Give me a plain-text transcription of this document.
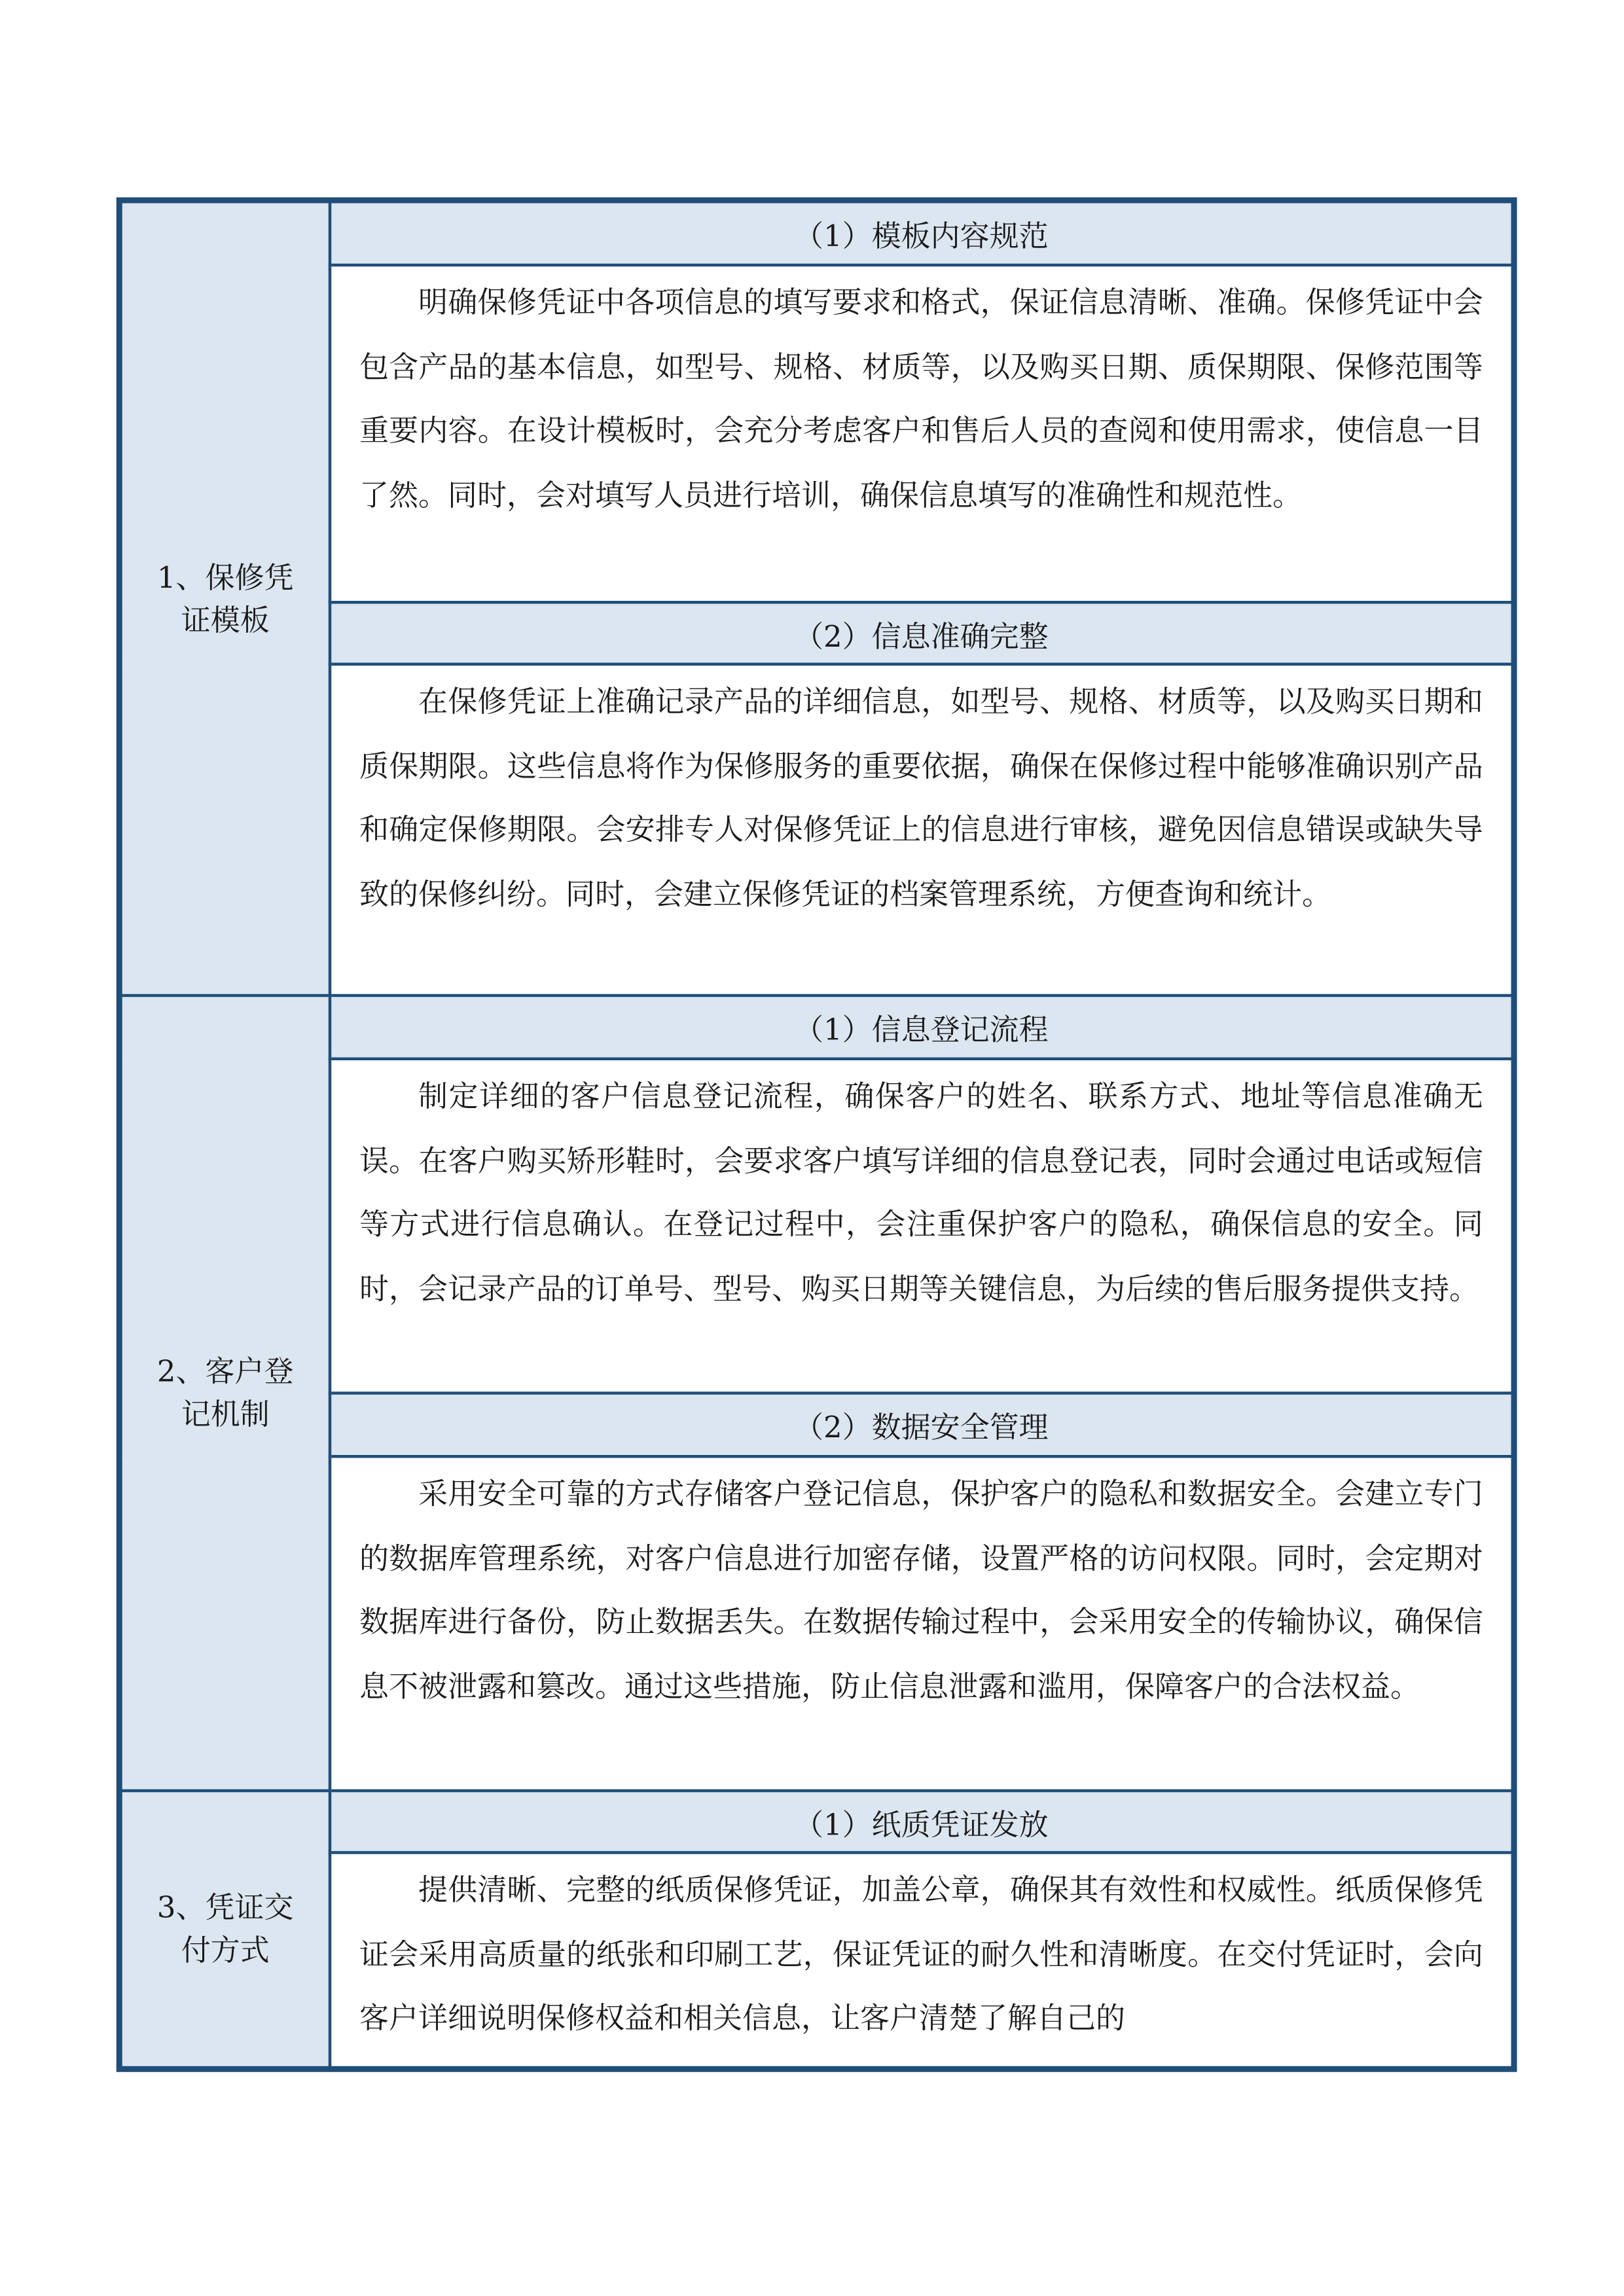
1、保修凭证模板	（1）模板内容规范

	明确保修凭证中各项信息的填写要求和格式，保证信息清晰、准确。保修凭证中会包含产品的基本信息，如型号、规格、材质等，以及购买日期、质保期限、保修范围等重要内容。在设计模板时，会充分考虑客户和售后人员的查阅和使用需求，使信息一目了然。同时，会对填写人员进行培训，确保信息填写的准确性和规范性。

	（2）信息准确完整

	在保修凭证上准确记录产品的详细信息，如型号、规格、材质等，以及购买日期和质保期限。这些信息将作为保修服务的重要依据，确保在保修过程中能够准确识别产品和确定保修期限。会安排专人对保修凭证上的信息进行审核，避免因信息错误或缺失导致的保修纠纷。同时，会建立保修凭证的档案管理系统，方便查询和统计。

2、客户登记机制	（1）信息登记流程

	制定详细的客户信息登记流程，确保客户的姓名、联系方式、地址等信息准确无误。在客户购买矫形鞋时，会要求客户填写详细的信息登记表，同时会通过电话或短信等方式进行信息确认。在登记过程中，会注重保护客户的隐私，确保信息的安全。同时，会记录产品的订单号、型号、购买日期等关键信息，为后续的售后服务提供支持。

	（2）数据安全管理

	采用安全可靠的方式存储客户登记信息，保护客户的隐私和数据安全。会建立专门的数据库管理系统，对客户信息进行加密存储，设置严格的访问权限。同时，会定期对数据库进行备份，防止数据丢失。在数据传输过程中，会采用安全的传输协议，确保信息不被泄露和篡改。通过这些措施，防止信息泄露和滥用，保障客户的合法权益。

3、凭证交付方式	（1）纸质凭证发放

	提供清晰、完整的纸质保修凭证，加盖公章，确保其有效性和权威性。纸质保修凭证会采用高质量的纸张和印刷工艺，保证凭证的耐久性和清晰度。在交付凭证时，会向客户详细说明保修权益和相关信息，让客户清楚了解自己的
